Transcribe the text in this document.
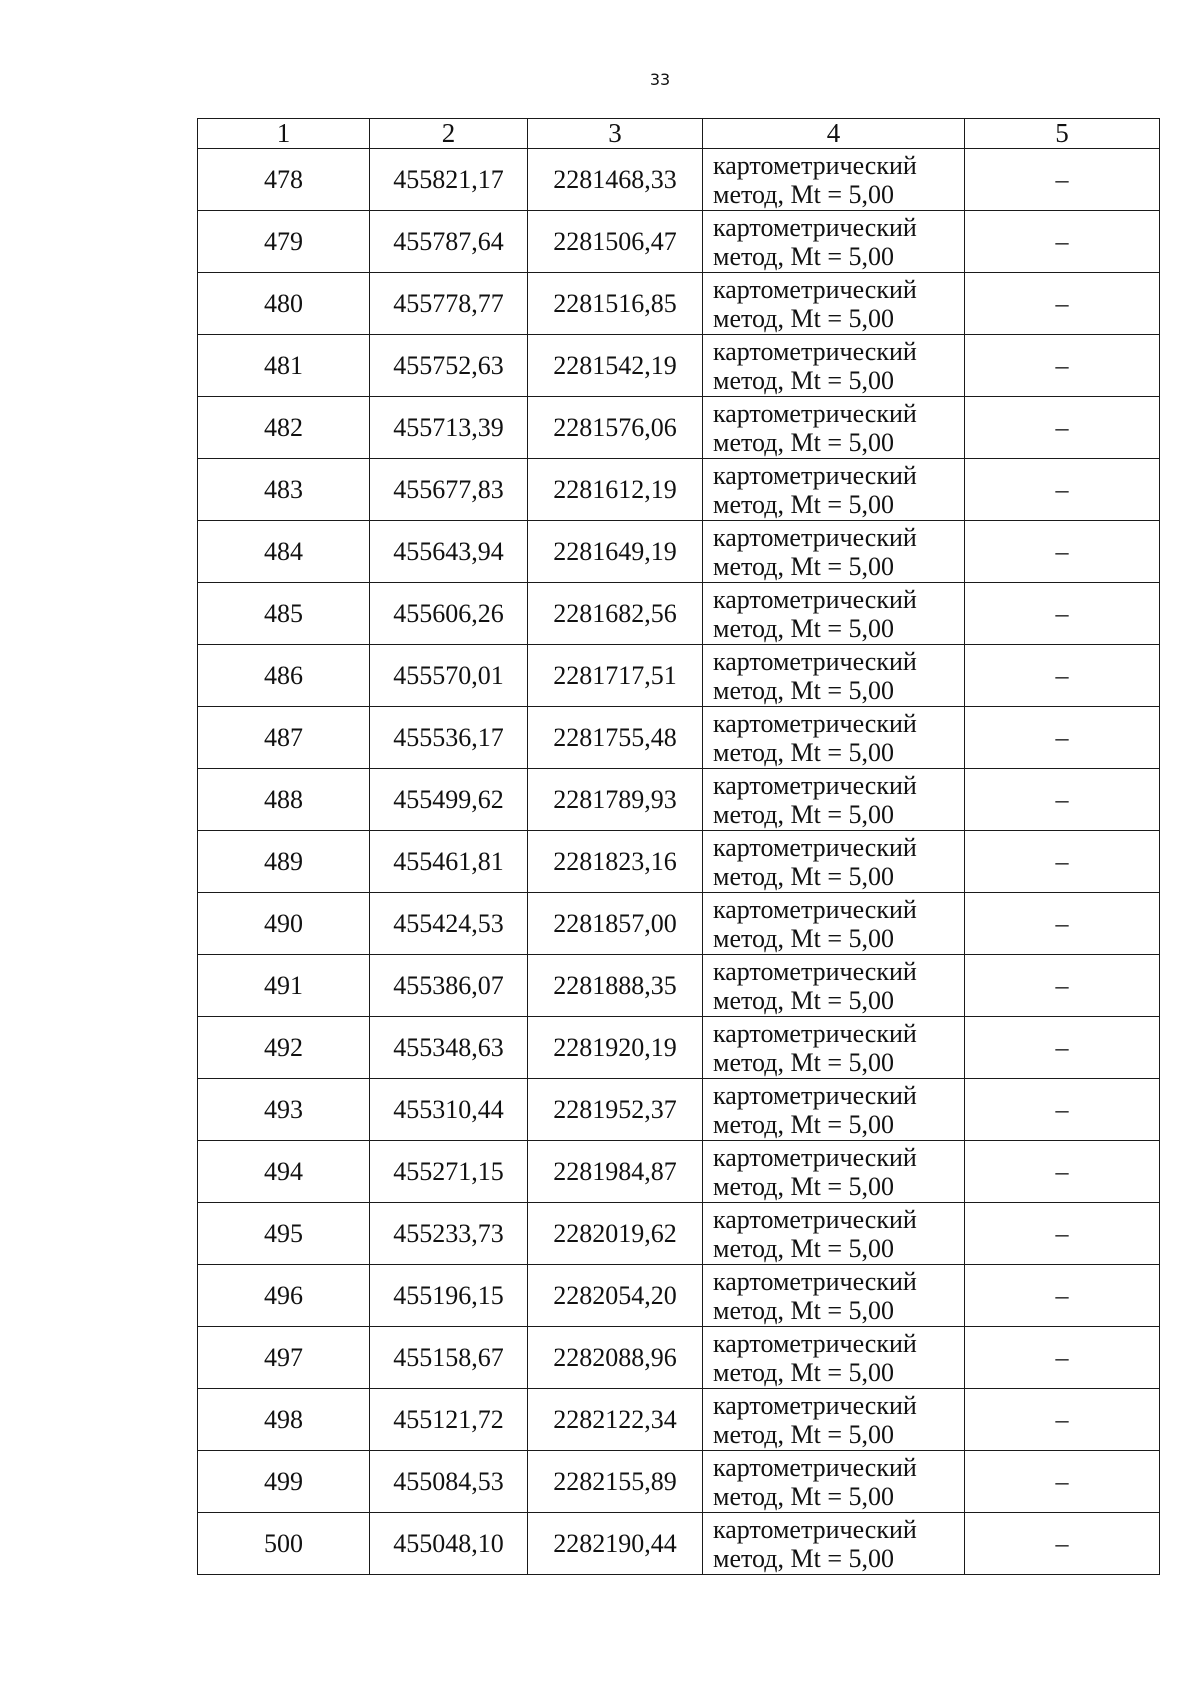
33
1	2	3	4	5
478	455821,17	2281468,33	картометрический
метод, Mt = 5,00	–
479	455787,64	2281506,47	картометрический
метод, Mt = 5,00	–
480	455778,77	2281516,85	картометрический
метод, Mt = 5,00	–
481	455752,63	2281542,19	картометрический
метод, Mt = 5,00	–
482	455713,39	2281576,06	картометрический
метод, Mt = 5,00	–
483	455677,83	2281612,19	картометрический
метод, Mt = 5,00	–
484	455643,94	2281649,19	картометрический
метод, Mt = 5,00	–
485	455606,26	2281682,56	картометрический
метод, Mt = 5,00	–
486	455570,01	2281717,51	картометрический
метод, Mt = 5,00	–
487	455536,17	2281755,48	картометрический
метод, Mt = 5,00	–
488	455499,62	2281789,93	картометрический
метод, Mt = 5,00	–
489	455461,81	2281823,16	картометрический
метод, Mt = 5,00	–
490	455424,53	2281857,00	картометрический
метод, Mt = 5,00	–
491	455386,07	2281888,35	картометрический
метод, Mt = 5,00	–
492	455348,63	2281920,19	картометрический
метод, Mt = 5,00	–
493	455310,44	2281952,37	картометрический
метод, Mt = 5,00	–
494	455271,15	2281984,87	картометрический
метод, Mt = 5,00	–
495	455233,73	2282019,62	картометрический
метод, Mt = 5,00	–
496	455196,15	2282054,20	картометрический
метод, Mt = 5,00	–
497	455158,67	2282088,96	картометрический
метод, Mt = 5,00	–
498	455121,72	2282122,34	картометрический
метод, Mt = 5,00	–
499	455084,53	2282155,89	картометрический
метод, Mt = 5,00	–
500	455048,10	2282190,44	картометрический
метод, Mt = 5,00	–
